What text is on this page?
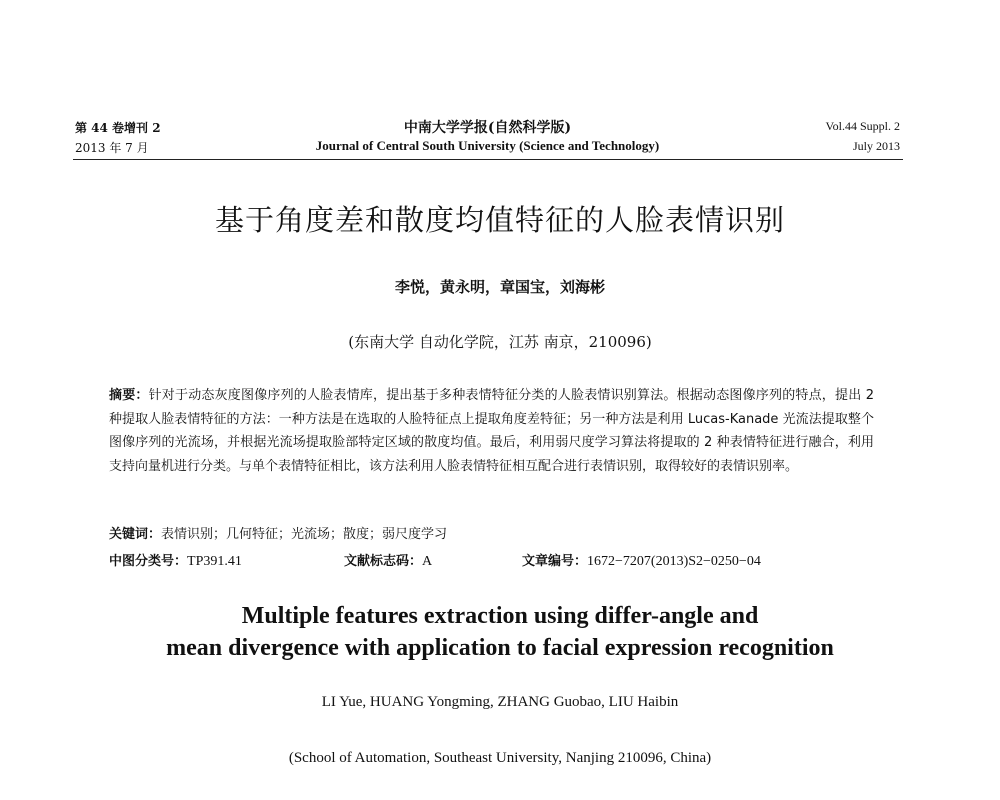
第 44 卷增刊 2
2013 年 7 月
中南大学学报(自然科学版)
Journal of Central South University (Science and Technology)
Vol.44 Suppl. 2
July 2013
基于角度差和散度均值特征的人脸表情识别
李悦，黄永明，章国宝，刘海彬
(东南大学 自动化学院，江苏 南京，210096)
摘要：针对于动态灰度图像序列的人脸表情库，提出基于多种表情特征分类的人脸表情识别算法。根据动态图像序列的特点，提出 2 种提取人脸表情特征的方法：一种方法是在选取的人脸特征点上提取角度差特征；另一种方法是利用 Lucas-Kanade 光流法提取整个图像序列的光流场，并根据光流场提取脸部特定区域的散度均值。最后，利用弱尺度学习算法将提取的 2 种表情特征进行融合，利用支持向量机进行分类。与单个表情特征相比，该方法利用人脸表情特征相互配合进行表情识别，取得较好的表情识别率。
关键词：表情识别；几何特征；光流场；散度；弱尺度学习
中图分类号：TP391.41	文献标志码：A	文章编号：1672−7207(2013)S2−0250−04
Multiple features extraction using differ-angle and
mean divergence with application to facial expression recognition
LI Yue, HUANG Yongming, ZHANG Guobao, LIU Haibin
(School of Automation, Southeast University, Nanjing 210096, China)
